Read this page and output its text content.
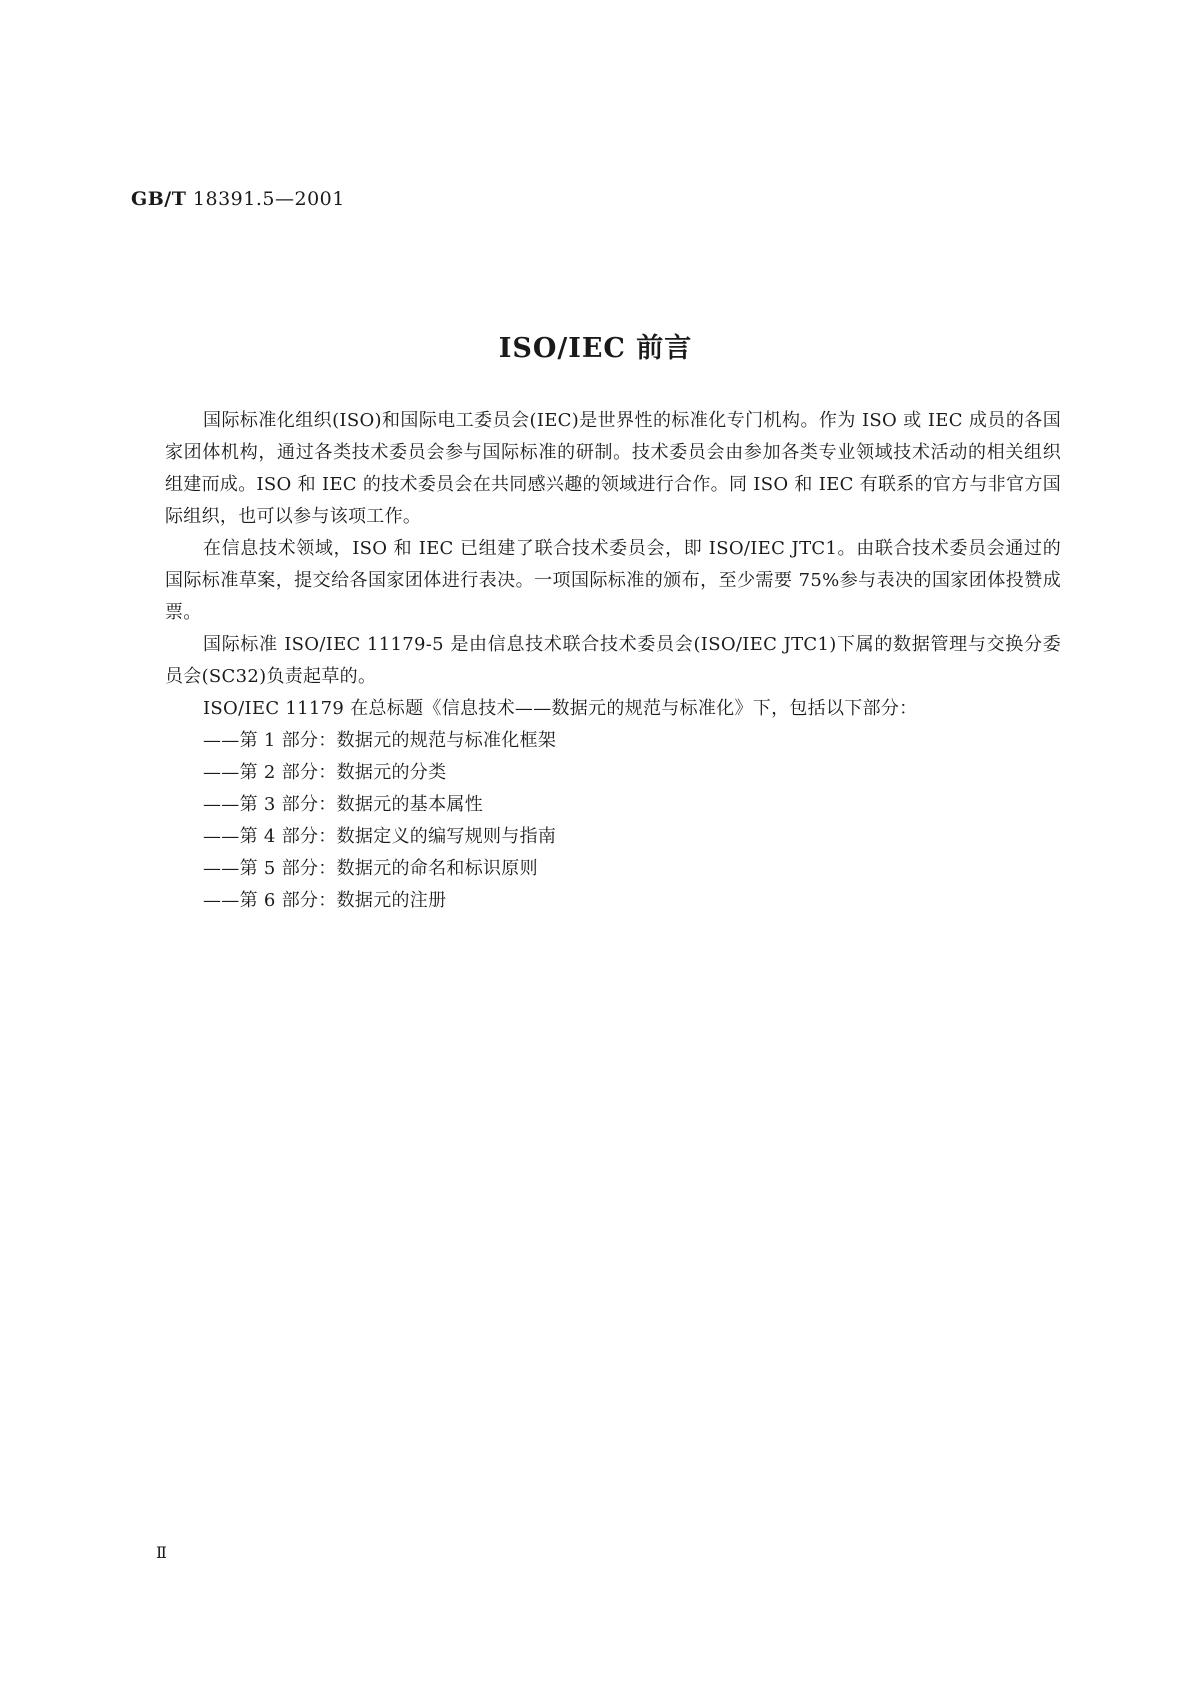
GB/T 18391.5—2001
ISO/IEC 前言

国际标准化组织(ISO)和国际电工委员会(IEC)是世界性的标准化专门机构。作为 ISO 或 IEC 成员的各国家团体机构，通过各类技术委员会参与国际标准的研制。技术委员会由参加各类专业领域技术活动的相关组织组建而成。ISO 和 IEC 的技术委员会在共同感兴趣的领域进行合作。同 ISO 和 IEC 有联系的官方与非官方国际组织，也可以参与该项工作。

在信息技术领域，ISO 和 IEC 已组建了联合技术委员会，即 ISO/IEC JTC1。由联合技术委员会通过的国际标准草案，提交给各国家团体进行表决。一项国际标准的颁布，至少需要 75%参与表决的国家团体投赞成票。

国际标准 ISO/IEC 11179-5 是由信息技术联合技术委员会(ISO/IEC JTC1)下属的数据管理与交换分委员会(SC32)负责起草的。

ISO/IEC 11179 在总标题《信息技术——数据元的规范与标准化》下，包括以下部分：

——第 1 部分：数据元的规范与标准化框架
——第 2 部分：数据元的分类
——第 3 部分：数据元的基本属性
——第 4 部分：数据定义的编写规则与指南
——第 5 部分：数据元的命名和标识原则
——第 6 部分：数据元的注册
Ⅱ
